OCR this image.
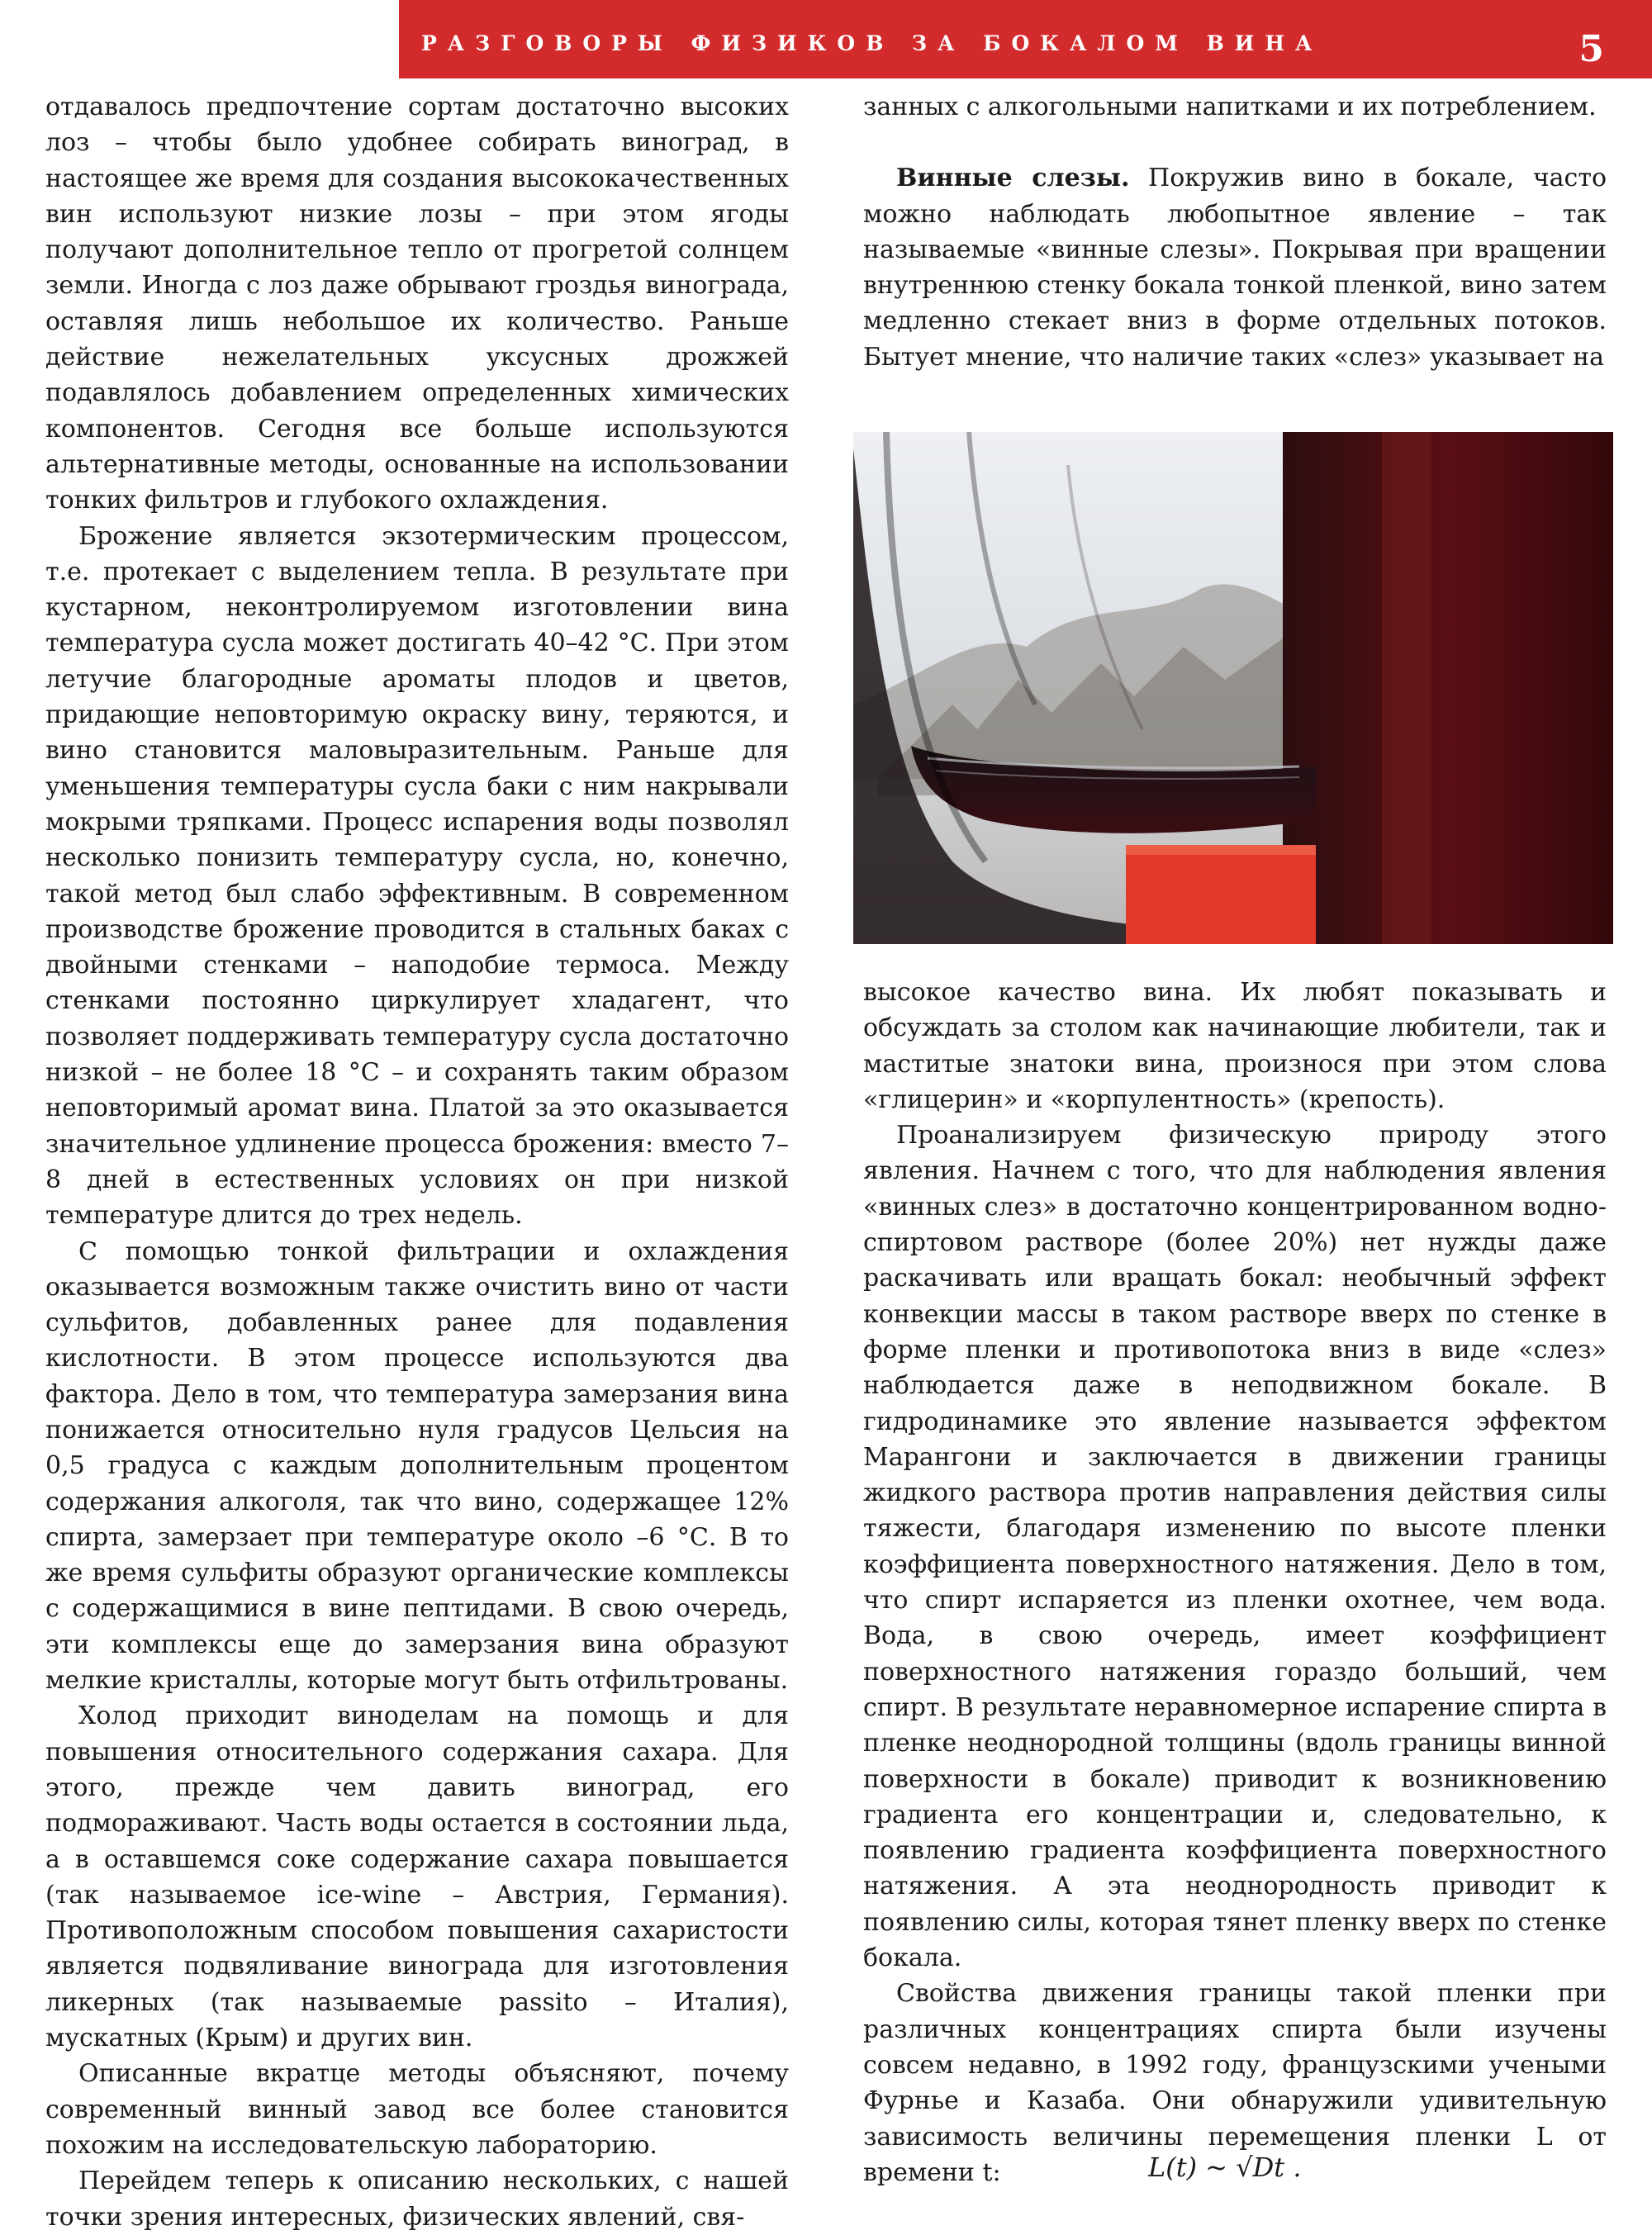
РАЗГОВОРЫ ФИЗИКОВ ЗА БОКАЛОМ ВИНА	5

отдавалось предпочтение сортам достаточно высоких лоз – чтобы было удобнее собирать виноград, в настоящее же время для создания высококачественных вин используют низкие лозы – при этом ягоды получают дополнительное тепло от прогретой солнцем земли. Иногда с лоз даже обрывают гроздья винограда, оставляя лишь небольшое их количество. Раньше действие нежелательных уксусных дрожжей подавлялось добавлением определенных химических компонентов. Сегодня все больше используются альтернативные методы, основанные на использовании тонких фильтров и глубокого охлаждения.

Брожение является экзотермическим процессом, т.е. протекает с выделением тепла. В результате при кустарном, неконтролируемом изготовлении вина температура сусла может достигать 40–42 °С. При этом летучие благородные ароматы плодов и цветов, придающие неповторимую окраску вину, теряются, и вино становится маловыразительным. Раньше для уменьшения температуры сусла баки с ним накрывали мокрыми тряпками. Процесс испарения воды позволял несколько понизить температуру сусла, но, конечно, такой метод был слабо эффективным. В современном производстве брожение проводится в стальных баках с двойными стенками – наподобие термоса. Между стенками постоянно циркулирует хладагент, что позволяет поддерживать температуру сусла достаточно низкой – не более 18 °С – и сохранять таким образом неповторимый аромат вина. Платой за это оказывается значительное удлинение процесса брожения: вместо 7–8 дней в естественных условиях он при низкой температуре длится до трех недель.

С помощью тонкой фильтрации и охлаждения оказывается возможным также очистить вино от части сульфитов, добавленных ранее для подавления кислотности. В этом процессе используются два фактора. Дело в том, что температура замерзания вина понижается относительно нуля градусов Цельсия на 0,5 градуса с каждым дополнительным процентом содержания алкоголя, так что вино, содержащее 12% спирта, замерзает при температуре около –6 °С. В то же время сульфиты образуют органические комплексы с содержащимися в вине пептидами. В свою очередь, эти комплексы еще до замерзания вина образуют мелкие кристаллы, которые могут быть отфильтрованы.

Холод приходит виноделам на помощь и для повышения относительного содержания сахара. Для этого, прежде чем давить виноград, его подмораживают. Часть воды остается в состоянии льда, а в оставшемся соке содержание сахара повышается (так называемое ice-wine – Австрия, Германия). Противоположным способом повышения сахаристости является подвяливание винограда для изготовления ликерных (так называемые passito – Италия), мускатных (Крым) и других вин.

Описанные вкратце методы объясняют, почему современный винный завод все более становится похожим на исследовательскую лабораторию.

Перейдем теперь к описанию нескольких, с нашей точки зрения интересных, физических явлений, свя-

занных с алкогольными напитками и их потреблением.

Винные слезы. Покружив вино в бокале, часто можно наблюдать любопытное явление – так называемые «винные слезы». Покрывая при вращении внутреннюю стенку бокала тонкой пленкой, вино затем медленно стекает вниз в форме отдельных потоков. Бытует мнение, что наличие таких «слез» указывает на

высокое качество вина. Их любят показывать и обсуждать за столом как начинающие любители, так и маститые знатоки вина, произнося при этом слова «глицерин» и «корпулентность» (крепость).

Проанализируем физическую природу этого явления. Начнем с того, что для наблюдения явления «винных слез» в достаточно концентрированном водно-спиртовом растворе (более 20%) нет нужды даже раскачивать или вращать бокал: необычный эффект конвекции массы в таком растворе вверх по стенке в форме пленки и противопотока вниз в виде «слез» наблюдается даже в неподвижном бокале. В гидродинамике это явление называется эффектом Марангони и заключается в движении границы жидкого раствора против направления действия силы тяжести, благодаря изменению по высоте пленки коэффициента поверхностного натяжения. Дело в том, что спирт испаряется из пленки охотнее, чем вода. Вода, в свою очередь, имеет коэффициент поверхностного натяжения гораздо больший, чем спирт. В результате неравномерное испарение спирта в пленке неоднородной толщины (вдоль границы винной поверхности в бокале) приводит к возникновению градиента его концентрации и, следовательно, к появлению градиента коэффициента поверхностного натяжения. А эта неоднородность приводит к появлению силы, которая тянет пленку вверх по стенке бокала.

Свойства движения границы такой пленки при различных концентрациях спирта были изучены совсем недавно, в 1992 году, французскими учеными Фурнье и Казаба. Они обнаружили удивительную зависимость величины перемещения пленки L от времени t:	L(t) ~ √Dt .
